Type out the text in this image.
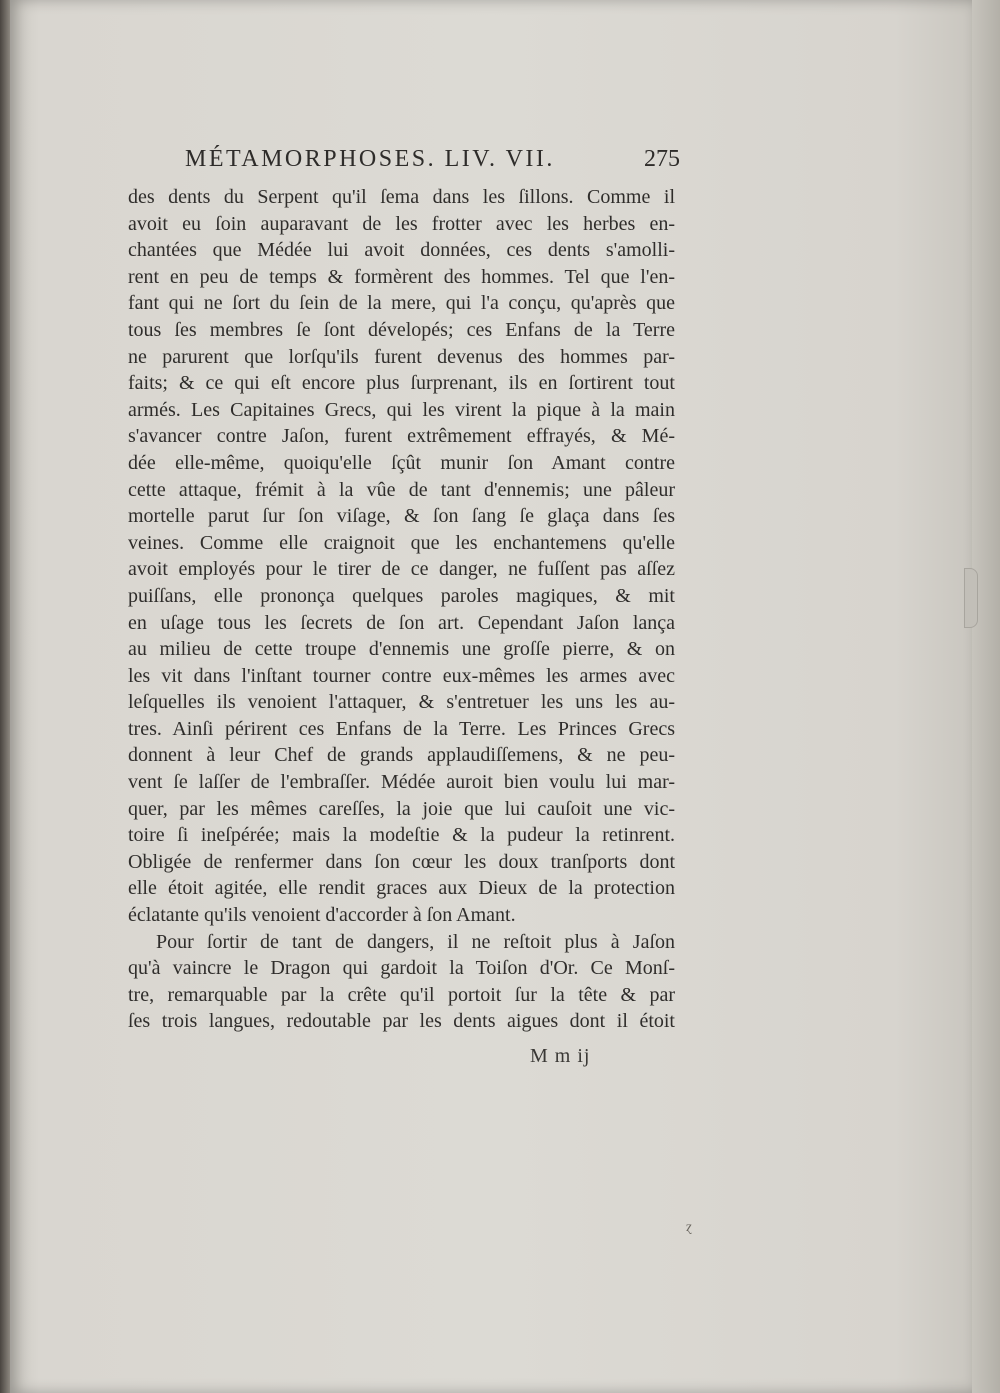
MÉTAMORPHOSES. LIV. VII.	275
des dents du Serpent qu'il ſema dans les ſillons. Comme il
avoit eu ſoin auparavant de les frotter avec les herbes en-
chantées que Médée lui avoit données, ces dents s'amolli-
rent en peu de temps & formèrent des hommes. Tel que l'en-
fant qui ne ſort du ſein de la mere, qui l'a conçu, qu'après que
tous ſes membres ſe ſont dévelopés; ces Enfans de la Terre
ne parurent que lorſqu'ils furent devenus des hommes par-
faits; & ce qui eſt encore plus ſurprenant, ils en ſortirent tout
armés. Les Capitaines Grecs, qui les virent la pique à la main
s'avancer contre Jaſon, furent extrêmement effrayés, & Mé-
dée elle-même, quoiqu'elle ſçût munir ſon Amant contre
cette attaque, frémit à la vûe de tant d'ennemis; une pâleur
mortelle parut ſur ſon viſage, & ſon ſang ſe glaça dans ſes
veines. Comme elle craignoit que les enchantemens qu'elle
avoit employés pour le tirer de ce danger, ne fuſſent pas aſſez
puiſſans, elle prononça quelques paroles magiques, & mit
en uſage tous les ſecrets de ſon art. Cependant Jaſon lança
au milieu de cette troupe d'ennemis une groſſe pierre, & on
les vit dans l'inſtant tourner contre eux-mêmes les armes avec
leſquelles ils venoient l'attaquer, & s'entretuer les uns les au-
tres. Ainſi périrent ces Enfans de la Terre. Les Princes Grecs
donnent à leur Chef de grands applaudiſſemens, & ne peu-
vent ſe laſſer de l'embraſſer. Médée auroit bien voulu lui mar-
quer, par les mêmes careſſes, la joie que lui cauſoit une vic-
toire ſi ineſpérée; mais la modeſtie & la pudeur la retinrent.
Obligée de renfermer dans ſon cœur les doux tranſports dont
elle étoit agitée, elle rendit graces aux Dieux de la protection
éclatante qu'ils venoient d'accorder à ſon Amant.
Pour ſortir de tant de dangers, il ne reſtoit plus à Jaſon
qu'à vaincre le Dragon qui gardoit la Toiſon d'Or. Ce Monſ-
tre, remarquable par la crête qu'il portoit ſur la tête & par
ſes trois langues, redoutable par les dents aigues dont il étoit
M m ij
ɀ
